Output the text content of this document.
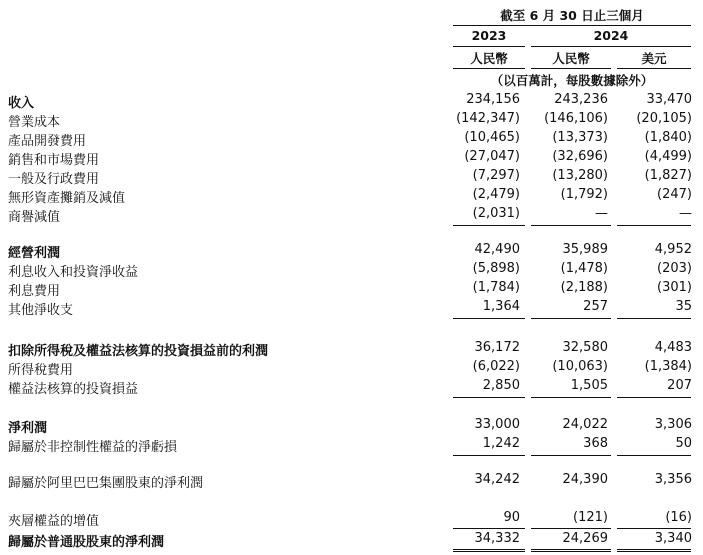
截至 6 月 30 日止三個月
2023	2024
人民幣	人民幣	美元
（以百萬計，每股數據除外）
收入	234,156	243,236	33,470
營業成本	(142,347)	(146,106)	(20,105)
產品開發費用	(10,465)	(13,373)	(1,840)
銷售和市場費用	(27,047)	(32,696)	(4,499)
一般及行政費用	(7,297)	(13,280)	(1,827)
無形資產攤銷及減值	(2,479)	(1,792)	(247)
商譽減值	(2,031)	—	—
經營利潤	42,490	35,989	4,952
利息收入和投資淨收益	(5,898)	(1,478)	(203)
利息費用	(1,784)	(2,188)	(301)
其他淨收支	1,364	257	35
扣除所得稅及權益法核算的投資損益前的利潤	36,172	32,580	4,483
所得稅費用	(6,022)	(10,063)	(1,384)
權益法核算的投資損益	2,850	1,505	207
淨利潤	33,000	24,022	3,306
歸屬於非控制性權益的淨虧損	1,242	368	50
歸屬於阿里巴巴集團股東的淨利潤	34,242	24,390	3,356
夾層權益的增值	90	(121)	(16)
歸屬於普通股股東的淨利潤	34,332	24,269	3,340
